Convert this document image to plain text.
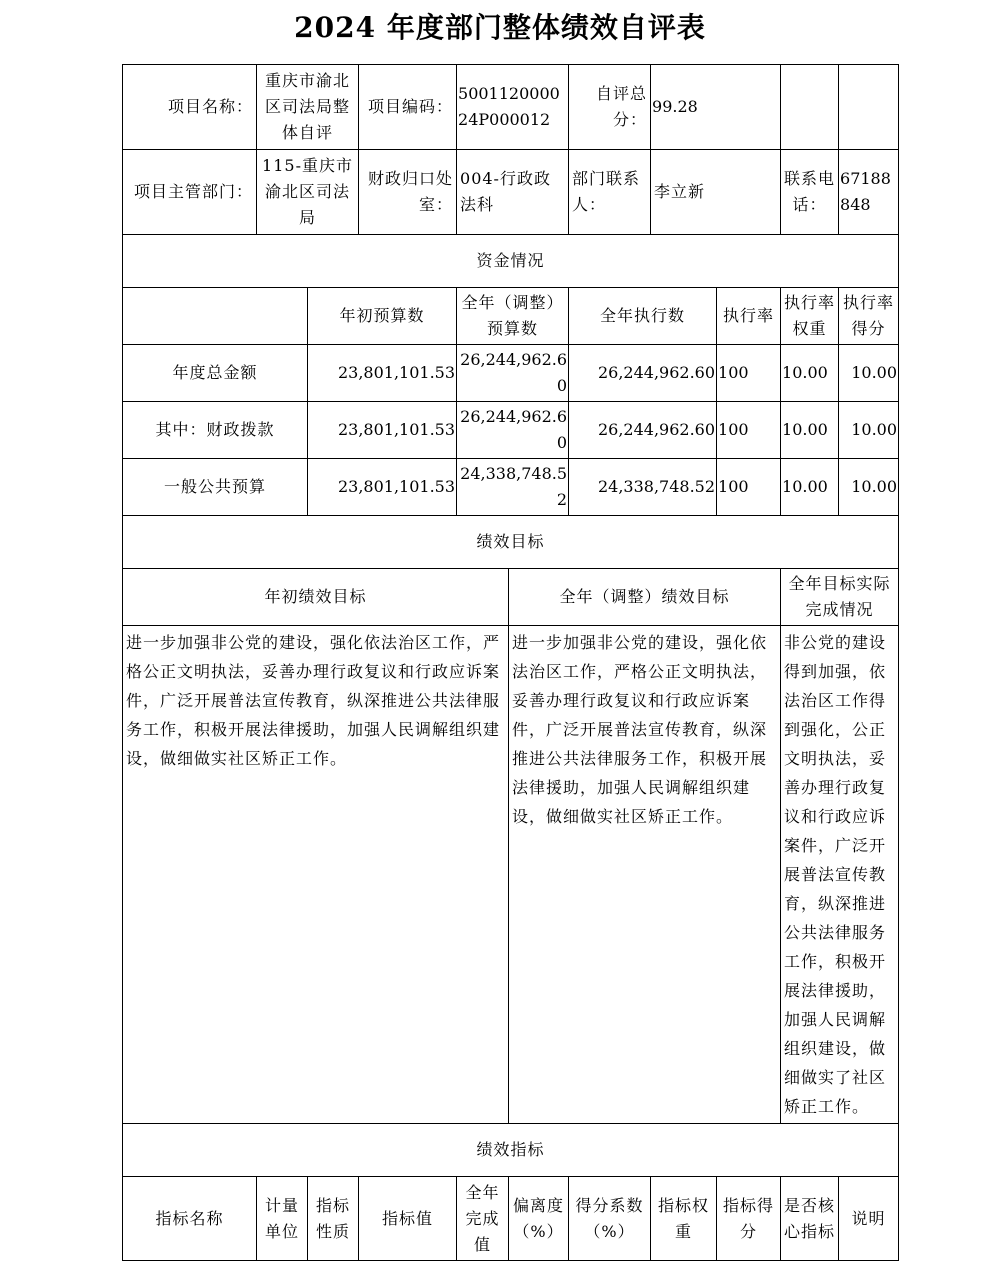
2024 年度部门整体绩效自评表
项目名称：	重庆市渝北区司法局整体自评		项目编码：	500112000024P000012		自评总分：	99.28			
项目主管部门：	115-重庆市渝北区司法局		财政归口处室：	004-行政政法科		部门联系人：	李立新		联系电话：	67188848
资金情况										
		年初预算数		全年（调整）预算数		全年执行数		执行率	执行率权重	执行率得分
年度总金额		23,801,101.53		26,244,962.60		26,244,962.60		100	10.00	10.00
其中：财政拨款		23,801,101.53		26,244,962.60		26,244,962.60		100	10.00	10.00
一般公共预算		23,801,101.53		24,338,748.52		24,338,748.52		100	10.00	10.00
绩效目标										
年初绩效目标					全年（调整）绩效目标				全年目标实际完成情况	
进一步加强非公党的建设，强化依法治区工作，严格公正文明执法，妥善办理行政复议和行政应诉案件，广泛开展普法宣传教育，纵深推进公共法律服务工作，积极开展法律援助，加强人民调解组织建设，做细做实社区矫正工作。					进一步加强非公党的建设，强化依法治区工作，严格公正文明执法，妥善办理行政复议和行政应诉案件，广泛开展普法宣传教育，纵深推进公共法律服务工作，积极开展法律援助，加强人民调解组织建设，做细做实社区矫正工作。				非公党的建设得到加强，依法治区工作得到强化，公正文明执法，妥善办理行政复议和行政应诉案件，广泛开展普法宣传教育，纵深推进公共法律服务工作，积极开展法律援助，加强人民调解组织建设，做细做实了社区矫正工作。	
绩效指标										
指标名称	计量单位	指标性质	指标值	全年完成值	偏离度（%）	得分系数（%）	指标权重	指标得分	是否核心指标	说明
